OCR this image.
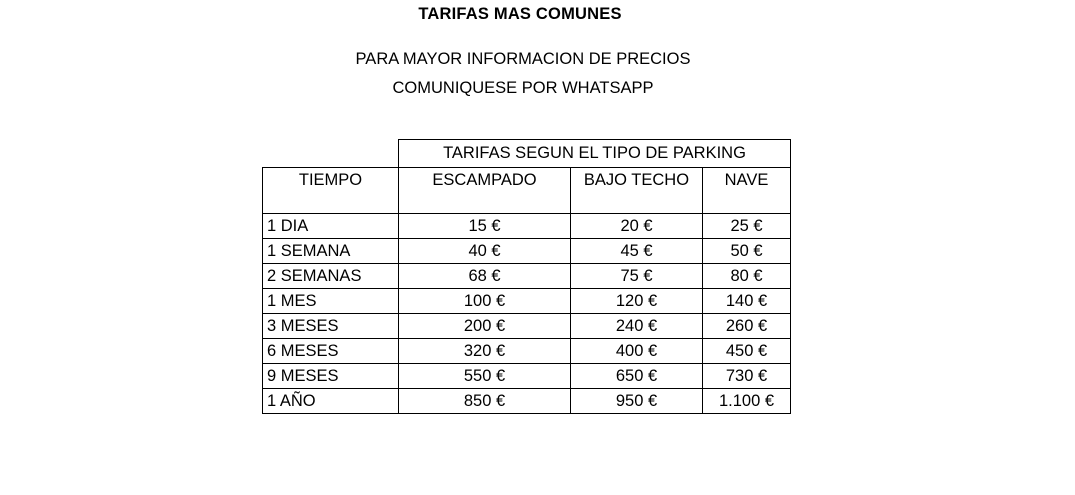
TARIFAS MAS COMUNES
PARA MAYOR INFORMACION DE PRECIOS
COMUNIQUESE POR WHATSAPP
	TARIFAS SEGUN EL TIPO DE PARKING		
TIEMPO	ESCAMPADO	BAJO TECHO	NAVE
1 DIA	15 €	20 €	25 €
1 SEMANA	40 €	45 €	50 €
2 SEMANAS	68 €	75 €	80 €
1 MES	100 €	120 €	140 €
3 MESES	200 €	240 €	260 €
6 MESES	320 €	400 €	450 €
9 MESES	550 €	650 €	730 €
1 AÑO	850 €	950 €	1.100 €
